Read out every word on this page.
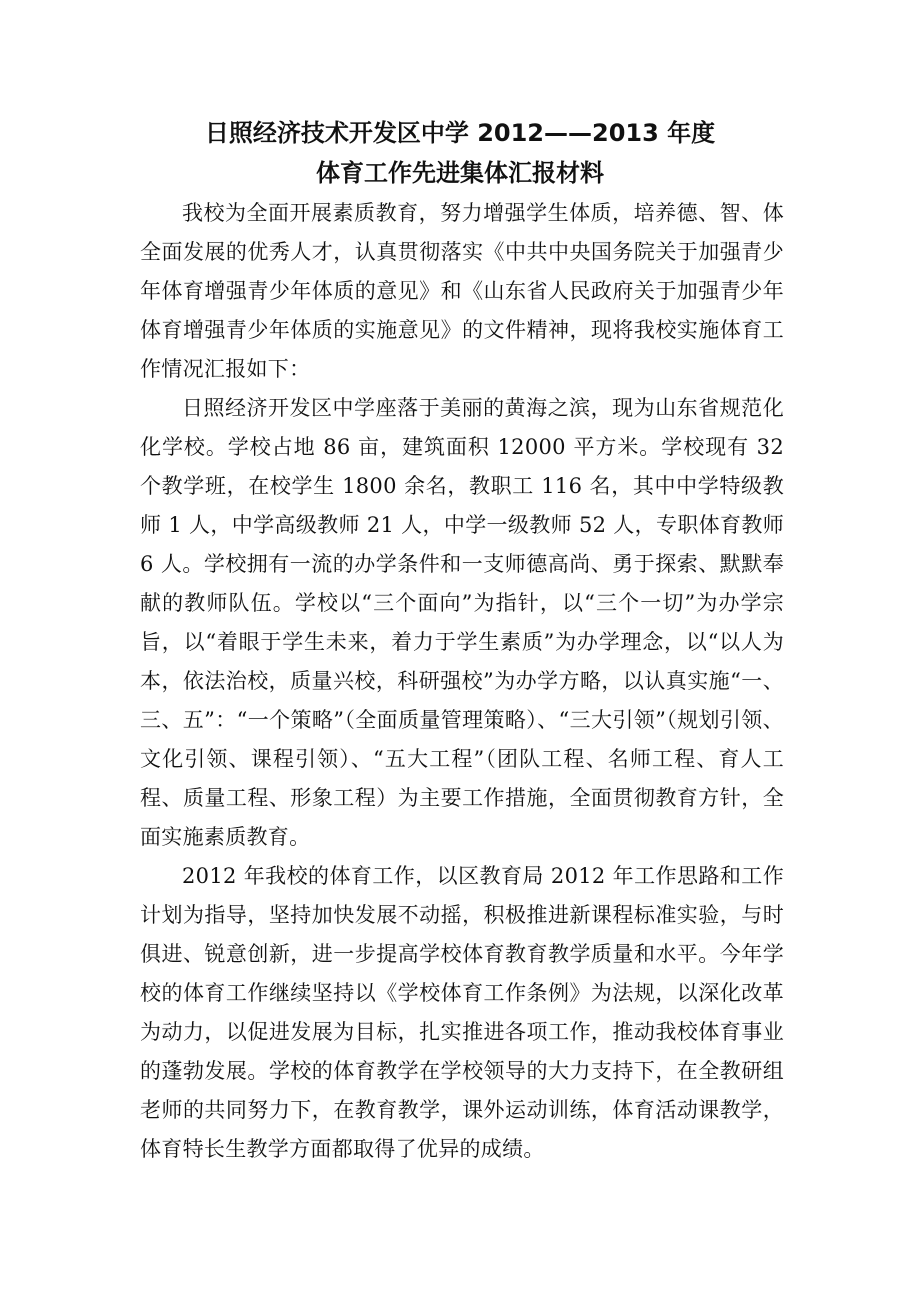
日照经济技术开发区中学 2012——2013 年度
体育工作先进集体汇报材料

我校为全面开展素质教育，努力增强学生体质，培养德、智、体全面发展的优秀人才，认真贯彻落实《中共中央国务院关于加强青少年体育增强青少年体质的意见》和《山东省人民政府关于加强青少年体育增强青少年体质的实施意见》的文件精神，现将我校实施体育工作情况汇报如下：

日照经济开发区中学座落于美丽的黄海之滨，现为山东省规范化化学校。学校占地 86 亩，建筑面积 12000 平方米。学校现有 32 个教学班，在校学生 1800 余名，教职工 116 名，其中中学特级教师 1 人，中学高级教师 21 人，中学一级教师 52 人，专职体育教师 6 人。学校拥有一流的办学条件和一支师德高尚、勇于探索、默默奉献的教师队伍。学校以“三个面向”为指针，以“三个一切”为办学宗旨，以“着眼于学生未来，着力于学生素质”为办学理念，以“以人为本，依法治校，质量兴校，科研强校”为办学方略，以认真实施“一、三、五”：“一个策略”（全面质量管理策略）、“三大引领”（规划引领、文化引领、课程引领）、“五大工程”（团队工程、名师工程、育人工程、质量工程、形象工程）为主要工作措施，全面贯彻教育方针，全面实施素质教育。

2012 年我校的体育工作，以区教育局 2012 年工作思路和工作计划为指导，坚持加快发展不动摇，积极推进新课程标准实验，与时俱进、锐意创新，进一步提高学校体育教育教学质量和水平。今年学校的体育工作继续坚持以《学校体育工作条例》为法规，以深化改革为动力，以促进发展为目标，扎实推进各项工作，推动我校体育事业的蓬勃发展。学校的体育教学在学校领导的大力支持下，在全教研组老师的共同努力下，在教育教学，课外运动训练，体育活动课教学，体育特长生教学方面都取得了优异的成绩。
